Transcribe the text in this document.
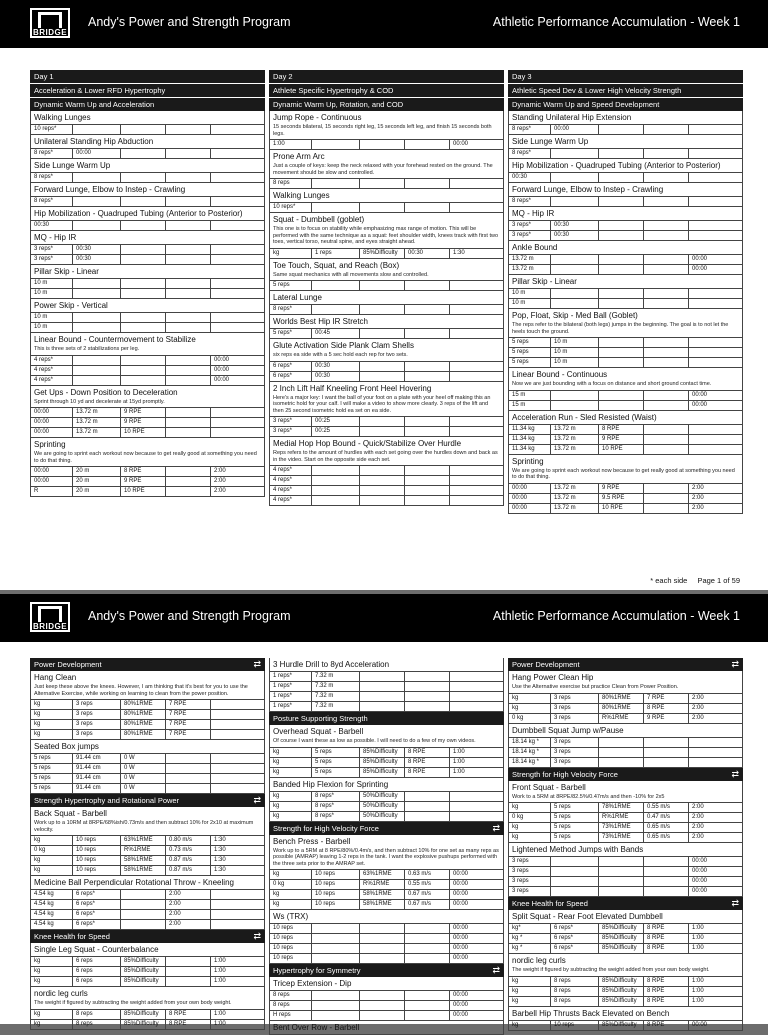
BRIDGE
Andy's Power and Strength Program	Athletic Performance Accumulation - Week 1
Day 1
Acceleration & Lower RFD Hypertrophy
Dynamic Warm Up and Acceleration
Walking Lunges
10 reps*
Unilateral Standing Hip Abduction
8 reps*	00:00
Side Lunge Warm Up
8 reps*
Forward Lunge, Elbow to Instep - Crawling
8 reps*
Hip Mobilization - Quadruped Tubing (Anterior to Posterior)
00:30
MQ - Hip IR
3 reps*	00:30
3 reps*	00:30
Pillar Skip - Linear
10 m
10 m
Power Skip - Vertical
10 m
10 m
Linear Bound - Countermovement to Stabilize
This is three sets of 2 stabilizations per leg.
4 reps*	00:00
4 reps*	00:00
4 reps*	00:00
Get Ups - Down Position to Deceleration
Sprint through 10 yd and decelerate at 15yd promptly.
00:00	13.72 m	9 RPE
00:00	13.72 m	9 RPE
00:00	13.72 m	10 RPE
Sprinting
We are going to sprint each workout now because to get really good at something you need to do that thing.
00:00	20 m	8 RPE	2:00
00:00	20 m	9 RPE	2:00
R	20 m	10 RPE	2:00
Day 2
Athlete Specific Hypertrophy & COD
Dynamic Warm Up, Rotation, and COD
Jump Rope - Continuous
15 seconds bilateral, 15 seconds right leg, 15 seconds left leg, and finish 15 seconds both legs.
1:00	00:00
Prone Arm Arc
Just a couple of keys: keep the neck relaxed with your forehead rested on the ground. The movement should be slow and controlled.
8 reps
Walking Lunges
10 reps*
Squat - Dumbbell (goblet)
This one is to focus on stability while emphasizing max range of motion. This will be performed with the same technique as a squat: feet shoulder width, knees track with first two toes, vertical torso, neutral spine, and eyes straight ahead.
kg	1 reps	85%Difficulty	00:30	1:30
Toe Touch, Squat, and Reach (Box)
Same squat mechanics with all movements slow and controlled.
5 reps
Lateral Lunge
8 reps*
Worlds Best Hip IR Stretch
5 reps*	00:45
Glute Activation Side Plank Clam Shells
six reps ea side with a 5 sec hold each rep for two sets.
6 reps*	00:30
6 reps*	00:30
2 Inch Lift Half Kneeling Front Heel Hovering
Here's a major key: I want the ball of your foot on a plate with your heel off making this an isometric hold for your calf. I will make a video to show more clearly. 3 reps of the lift and then 25 second isometric hold ea set on ea side.
3 reps*	00:25
3 reps*	00:25
Medial Hop Hop Bound - Quick/Stabilize Over Hurdle
Reps refers to the amount of hurdles with each set going over the hurdles down and back as in the video. Start on the opposite side each set.
4 reps*
4 reps*
4 reps*
4 reps*
Day 3
Athletic Speed Dev & Lower High Velocity Strength
Dynamic Warm Up and Speed Development
Standing Unilateral Hip Extension
8 reps*	00:00
Side Lunge Warm Up
8 reps*
Hip Mobilization - Quadruped Tubing (Anterior to Posterior)
00:30
Forward Lunge, Elbow to Instep - Crawling
8 reps*
MQ - Hip IR
3 reps*	00:30
3 reps*	00:30
Ankle Bound
13.72 m	00:00
13.72 m	00:00
Pillar Skip - Linear
10 m
10 m
Pop, Float, Skip - Med Ball (Goblet)
The reps refer to the bilateral (both legs) jumps in the beginning. The goal is to not let the heels touch the ground.
5 reps	10 m
5 reps	10 m
5 reps	10 m
Linear Bound - Continuous
Now we are just bounding with a focus on distance and short ground contact time.
15 m	00:00
15 m	00:00
Acceleration Run - Sled Resisted (Waist)
11.34 kg	13.72 m	8 RPE
11.34 kg	13.72 m	9 RPE
11.34 kg	13.72 m	10 RPE
Sprinting
We are going to sprint each workout now because to get really good at something you need to do that thing.
00:00	13.72 m	9 RPE	2:00
00:00	13.72 m	9.5 RPE	2:00
00:00	13.72 m	10 RPE	2:00
* each side Page 1 of 59
BRIDGE
Andy's Power and Strength Program	Athletic Performance Accumulation - Week 1
Power Development	⇄
Hang Clean
Just keep these above the knees. However, I am thinking that it's best for you to use the Alternative Exercise, while working on learning to clean from the power position.
kg	3 reps	80%1RME	7 RPE
kg	3 reps	80%1RME	7 RPE
kg	3 reps	80%1RME	7 RPE
kg	3 reps	80%1RME	7 RPE
Seated Box jumps
5 reps	91.44 cm	0 W
5 reps	91.44 cm	0 W
5 reps	91.44 cm	0 W
5 reps	91.44 cm	0 W
Strength Hypertrophy and Rotational Power	⇄
Back Squat - Barbell
Work up to a 10RM at 8RPE/68%ish/0.73m/s and then subtract 10% for 2x10 at maximum velocity.
kg	10 reps	63%1RME	0.80 m/s	1:30
0 kg	10 reps	R%1RME	0.73 m/s	1:30
kg	10 reps	58%1RME	0.87 m/s	1:30
kg	10 reps	58%1RME	0.87 m/s	1:30
Medicine Ball Perpendicular Rotational Throw - Kneeling
4.54 kg	6 reps*	2:00
4.54 kg	6 reps*	2:00
4.54 kg	6 reps*	2:00
4.54 kg	6 reps*	2:00
Knee Health for Speed	⇄
Single Leg Squat - Counterbalance
kg	6 reps	85%Difficulty	1:00
kg	6 reps	85%Difficulty	1:00
kg	6 reps	85%Difficulty	1:00
nordic leg curls
The weight if figured by subtracting the weight added from your own body weight.
kg	8 reps	85%Difficulty	8 RPE	1:00
kg	8 reps	85%Difficulty	8 RPE	1:00
3 Hurdle Drill to 8yd Acceleration
1 reps*	7.32 m
1 reps*	7.32 m
1 reps*	7.32 m
1 reps*	7.32 m
Posture Supporting Strength
Overhead Squat - Barbell
Of course I want these as low as possible. I will need to do a few of my own videos.
kg	5 reps	85%Difficulty	8 RPE	1:00
kg	5 reps	85%Difficulty	8 RPE	1:00
kg	5 reps	85%Difficulty	8 RPE	1:00
Banded Hip Flexion for Sprinting
kg	8 reps*	50%Difficulty
kg	8 reps*	50%Difficulty
kg	8 reps*	50%Difficulty
Strength for High Velocity Force	⇄
Bench Press - Barbell
Work up to a 5RM at 8 RPE/80%/0.4m/s, and then subtract 10% for one set as many reps as possible (AMRAP) leaving 1-2 reps in the tank. I want the explosive pushups performed with the three sets prior to the AMRAP set.
kg	10 reps	63%1RME	0.63 m/s	00:00
0 kg	10 reps	R%1RME	0.55 m/s	00:00
kg	10 reps	58%1RME	0.67 m/s	00:00
kg	10 reps	58%1RME	0.67 m/s	00:00
Ws (TRX)
10 reps	00:00
10 reps	00:00
10 reps	00:00
10 reps	00:00
Hypertrophy for Symmetry	⇄
Tricep Extension - Dip
8 reps	00:00
8 reps	00:00
H reps	00:00
Bent Over Row - Barbell
Power Development	⇄
Hang Power Clean Hip
Use the Alternative exercise but practice Clean from Power Position.
kg	3 reps	80%1RME	7 RPE	2:00
kg	3 reps	80%1RME	8 RPE	2:00
0 kg	3 reps	R%1RME	9 RPE	2:00
Dumbbell Squat Jump w/Pause
18.14 kg *	3 reps
18.14 kg *	3 reps
18.14 kg *	3 reps
Strength for High Velocity Force	⇄
Front Squat - Barbell
Work to a 5RM at 8RPE/82.5%/0.47m/s and then -10% for 2x5
kg	5 reps	78%1RME	0.55 m/s	2:00
0 kg	5 reps	R%1RME	0.47 m/s	2:00
kg	5 reps	73%1RME	0.65 m/s	2:00
kg	5 reps	73%1RME	0.65 m/s	2:00
Lightened Method Jumps with Bands
3 reps	00:00
3 reps	00:00
3 reps	00:00
3 reps	00:00
Knee Health for Speed	⇄
Split Squat - Rear Foot Elevated Dumbbell
kg*	6 reps*	85%Difficulty	8 RPE	1:00
kg *	6 reps*	85%Difficulty	8 RPE	1:00
kg *	6 reps*	85%Difficulty	8 RPE	1:00
nordic leg curls
The weight if figured by subtracting the weight added from your own body weight.
kg	8 reps	85%Difficulty	8 RPE	1:00
kg	8 reps	85%Difficulty	8 RPE	1:00
kg	8 reps	85%Difficulty	8 RPE	1:00
Barbell Hip Thrusts Back Elevated on Bench
kg	10 reps	85%Difficulty	8 RPE	00:00
